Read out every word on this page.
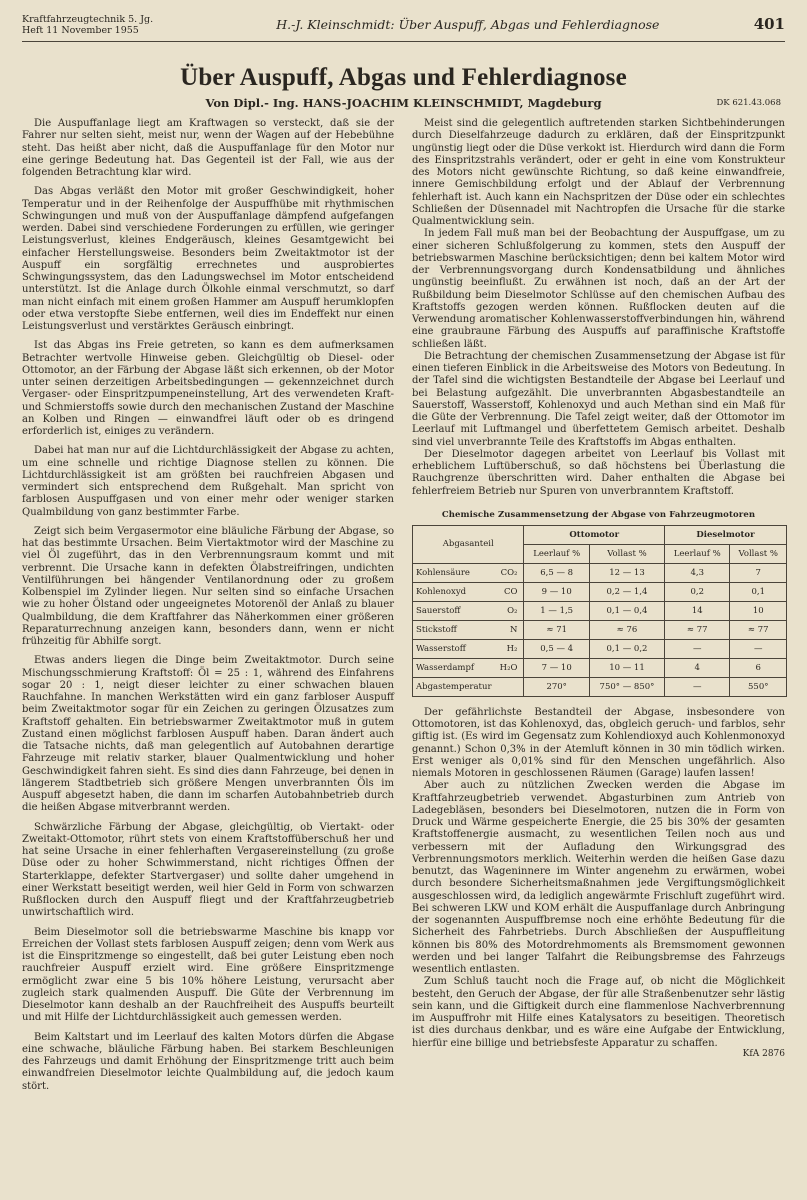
Kraftfahrzeugtechnik 5. Jg.
Heft 11 November 1955	H.-J. Kleinschmidt: Über Auspuff, Abgas und Fehlerdiagnose	401
Über Auspuff, Abgas und Fehlerdiagnose
Von Dipl.- Ing. HANS-JOACHIM KLEINSCHMIDT, Magdeburg	DK 621.43.068

Die Auspuffanlage liegt am Kraftwagen so versteckt, daß sie der Fahrer nur selten sieht, meist nur, wenn der Wagen auf der Hebebühne steht. Das heißt aber nicht, daß die Auspuffanlage für den Motor nur eine geringe Bedeutung hat. Das Gegenteil ist der Fall, wie aus der folgenden Betrachtung klar wird.

Das Abgas verläßt den Motor mit großer Geschwindigkeit, hoher Temperatur und in der Reihenfolge der Auspuffhübe mit rhythmischen Schwingungen und muß von der Auspuffanlage dämpfend aufgefangen werden. Dabei sind verschiedene Forderungen zu erfüllen, wie geringer Leistungsverlust, kleines Endgeräusch, kleines Gesamtgewicht bei einfacher Herstellungsweise. Besonders beim Zweitaktmotor ist der Auspuff ein sorgfältig errechnetes und ausprobiertes Schwingungssystem, das den Ladungswechsel im Motor entscheidend unterstützt. Ist die Anlage durch Ölkohle einmal verschmutzt, so darf man nicht einfach mit einem großen Hammer am Auspuff herumklopfen oder etwa verstopfte Siebe entfernen, weil dies im Endeffekt nur einen Leistungsverlust und verstärktes Geräusch einbringt.

Ist das Abgas ins Freie getreten, so kann es dem aufmerksamen Betrachter wertvolle Hinweise geben. Gleichgültig ob Diesel- oder Ottomotor, an der Färbung der Abgase läßt sich erkennen, ob der Motor unter seinen derzeitigen Arbeitsbedingungen — gekennzeichnet durch Vergaser- oder Einspritzpumpeneinstellung, Art des verwendeten Kraft- und Schmierstoffs sowie durch den mechanischen Zustand der Maschine an Kolben und Ringen — einwandfrei läuft oder ob es dringend erforderlich ist, einiges zu verändern.

Dabei hat man nur auf die Lichtdurchlässigkeit der Abgase zu achten, um eine schnelle und richtige Diagnose stellen zu können. Die Lichtdurchlässigkeit ist am größten bei rauchfreien Abgasen und vermindert sich entsprechend dem Rußgehalt. Man spricht von farblosen Auspuffgasen und von einer mehr oder weniger starken Qualmbildung von ganz bestimmter Farbe.

Zeigt sich beim Vergasermotor eine bläuliche Färbung der Abgase, so hat das bestimmte Ursachen. Beim Viertaktmotor wird der Maschine zu viel Öl zugeführt, das in den Verbrennungsraum kommt und mit verbrennt. Die Ursache kann in defekten Ölabstreifringen, undichten Ventilführungen bei hängender Ventilanordnung oder zu großem Kolbenspiel im Zylinder liegen. Nur selten sind so einfache Ursachen wie zu hoher Ölstand oder ungeeignetes Motorenöl der Anlaß zu blauer Qualmbildung, die dem Kraftfahrer das Näherkommen einer größeren Reparaturrechnung anzeigen kann, besonders dann, wenn er nicht frühzeitig für Abhilfe sorgt.

Etwas anders liegen die Dinge beim Zweitaktmotor. Durch seine Mischungsschmierung Kraftstoff: Öl = 25 : 1, während des Einfahrens sogar 20 : 1, neigt dieser leichter zu einer schwachen blauen Rauchfahne. In manchen Werkstätten wird ein ganz farbloser Auspuff beim Zweitaktmotor sogar für ein Zeichen zu geringen Ölzusatzes zum Kraftstoff gehalten. Ein betriebswarmer Zweitaktmotor muß in gutem Zustand einen möglichst farblosen Auspuff haben. Daran ändert auch die Tatsache nichts, daß man gelegentlich auf Autobahnen derartige Fahrzeuge mit relativ starker, blauer Qualmentwicklung und hoher Geschwindigkeit fahren sieht. Es sind dies dann Fahrzeuge, bei denen in längerem Stadtbetrieb sich größere Mengen unverbrannten Öls im Auspuff abgesetzt haben, die dann im scharfen Autobahnbetrieb durch die heißen Abgase mitverbrannt werden.

Schwärzliche Färbung der Abgase, gleichgültig, ob Viertakt- oder Zweitakt-Ottomotor, rührt stets von einem Kraftstoffüberschuß her und hat seine Ursache in einer fehlerhaften Vergasereinstellung (zu große Düse oder zu hoher Schwimmerstand, nicht richtiges Öffnen der Starterklappe, defekter Startvergaser) und sollte daher umgehend in einer Werkstatt beseitigt werden, weil hier Geld in Form von schwarzen Rußflocken durch den Auspuff fliegt und der Kraftfahrzeugbetrieb unwirtschaftlich wird.

Beim Dieselmotor soll die betriebswarme Maschine bis knapp vor Erreichen der Vollast stets farblosen Auspuff zeigen; denn vom Werk aus ist die Einspritzmenge so eingestellt, daß bei guter Leistung eben noch rauchfreier Auspuff erzielt wird. Eine größere Einspritzmenge ermöglicht zwar eine 5 bis 10% höhere Leistung, verursacht aber zugleich stark qualmenden Auspuff. Die Güte der Verbrennung im Dieselmotor kann deshalb an der Rauchfreiheit des Auspuffs beurteilt und mit Hilfe der Lichtdurchlässigkeit auch gemessen werden.

Beim Kaltstart und im Leerlauf des kalten Motors dürfen die Abgase eine schwache, bläuliche Färbung haben. Bei starkem Beschleunigen des Fahrzeugs und damit Erhöhung der Einspritzmenge tritt auch beim einwandfreien Dieselmotor leichte Qualmbildung auf, die jedoch kaum stört.

Meist sind die gelegentlich auftretenden starken Sichtbehinderungen durch Dieselfahrzeuge dadurch zu erklären, daß der Einspritzpunkt ungünstig liegt oder die Düse verkokt ist. Hierdurch wird dann die Form des Einspritzstrahls verändert, oder er geht in eine vom Konstrukteur des Motors nicht gewünschte Richtung, so daß keine einwandfreie, innere Gemischbildung erfolgt und der Ablauf der Verbrennung fehlerhaft ist. Auch kann ein Nachspritzen der Düse oder ein schlechtes Schließen der Düsennadel mit Nachtropfen die Ursache für die starke Qualmentwicklung sein.

In jedem Fall muß man bei der Beobachtung der Auspuffgase, um zu einer sicheren Schlußfolgerung zu kommen, stets den Auspuff der betriebswarmen Maschine berücksichtigen; denn bei kaltem Motor wird der Verbrennungsvorgang durch Kondensatbildung und ähnliches ungünstig beeinflußt. Zu erwähnen ist noch, daß an der Art der Rußbildung beim Dieselmotor Schlüsse auf den chemischen Aufbau des Kraftstoffs gezogen werden können. Rußflocken deuten auf die Verwendung aromatischer Kohlenwasserstoffverbindungen hin, während eine graubraune Färbung des Auspuffs auf paraffinische Kraftstoffe schließen läßt.

Die Betrachtung der chemischen Zusammensetzung der Abgase ist für einen tieferen Einblick in die Arbeitsweise des Motors von Bedeutung. In der Tafel sind die wichtigsten Bestandteile der Abgase bei Leerlauf und bei Belastung aufgezählt. Die unverbrannten Abgasbestandteile an Sauerstoff, Wasserstoff, Kohlenoxyd und auch Methan sind ein Maß für die Güte der Verbrennung. Die Tafel zeigt weiter, daß der Ottomotor im Leerlauf mit Luftmangel und überfettetem Gemisch arbeitet. Deshalb sind viel unverbrannte Teile des Kraftstoffs im Abgas enthalten.

Der Dieselmotor dagegen arbeitet von Leerlauf bis Vollast mit erheblichem Luftüberschuß, so daß höchstens bei Überlastung die Rauchgrenze überschritten wird. Daher enthalten die Abgase bei fehlerfreiem Betrieb nur Spuren von unverbranntem Kraftstoff.

Chemische Zusammensetzung der Abgase von Fahrzeugmotoren
Abgasanteil		Ottomotor		Dieselmotor	
		Leerlauf %	Vollast %	Leerlauf %	Vollast %
Kohlensäure	CO₂	6,5 — 8	12 — 13	4,3	7
Kohlenoxyd	CO	9 — 10	0,2 — 1,4	0,2	0,1
Sauerstoff	O₂	1 — 1,5	0,1 — 0,4	14	10
Stickstoff	N	≈ 71	≈ 76	≈ 77	≈ 77
Wasserstoff	H₂	0,5 — 4	0,1 — 0,2	—	—
Wasserdampf	H₂O	7 — 10	10 — 11	4	6
Abgastemperatur		270°	750° — 850°	—	550°

Der gefährlichste Bestandteil der Abgase, insbesondere von Ottomotoren, ist das Kohlenoxyd, das, obgleich geruch- und farblos, sehr giftig ist. (Es wird im Gegensatz zum Kohlendioxyd auch Kohlenmonoxyd genannt.) Schon 0,3% in der Atemluft können in 30 min tödlich wirken. Erst weniger als 0,01% sind für den Menschen ungefährlich. Also niemals Motoren in geschlossenen Räumen (Garage) laufen lassen!

Aber auch zu nützlichen Zwecken werden die Abgase im Kraftfahrzeugbetrieb verwendet. Abgasturbinen zum Antrieb von Ladegebläsen, besonders bei Dieselmotoren, nutzen die in Form von Druck und Wärme gespeicherte Energie, die 25 bis 30% der gesamten Kraftstoffenergie ausmacht, zu wesentlichen Teilen noch aus und verbessern mit der Aufladung den Wirkungsgrad des Verbrennungsmotors merklich. Weiterhin werden die heißen Gase dazu benutzt, das Wageninnere im Winter angenehm zu erwärmen, wobei durch besondere Sicherheitsmaßnahmen jede Vergiftungsmöglichkeit ausgeschlossen wird, da lediglich angewärmte Frischluft zugeführt wird. Bei schweren LKW und KOM erhält die Auspuffanlage durch Anbringung der sogenannten Auspuffbremse noch eine erhöhte Bedeutung für die Sicherheit des Fahrbetriebs. Durch Abschließen der Auspuffleitung können bis 80% des Motordrehmoments als Bremsmoment gewonnen werden und bei langer Talfahrt die Reibungsbremse des Fahrzeugs wesentlich entlasten.

Zum Schluß taucht noch die Frage auf, ob nicht die Möglichkeit besteht, den Geruch der Abgase, der für alle Straßenbenutzer sehr lästig sein kann, und die Giftigkeit durch eine flammenlose Nachverbrennung im Auspuffrohr mit Hilfe eines Katalysators zu beseitigen. Theoretisch ist dies durchaus denkbar, und es wäre eine Aufgabe der Entwicklung, hierfür eine billige und betriebsfeste Apparatur zu schaffen.

KfA 2876
